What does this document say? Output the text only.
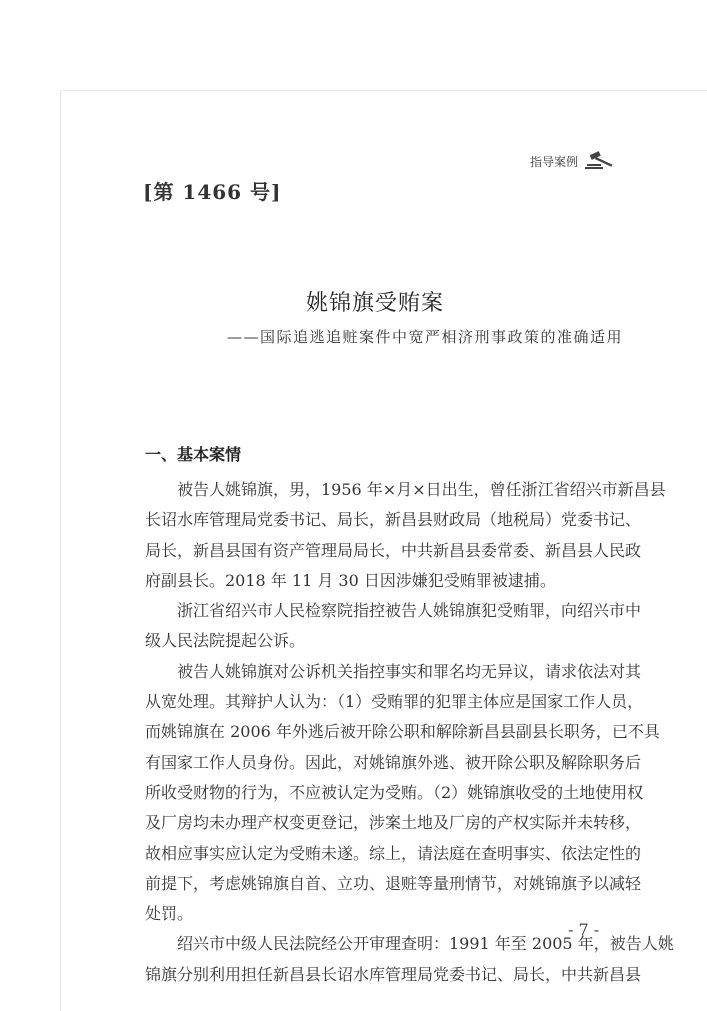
指导案例
[第 1466 号]
姚锦旗受贿案
——国际追逃追赃案件中宽严相济刑事政策的准确适用
一、基本案情
被告人姚锦旗，男，1956 年×月×日出生，曾任浙江省绍兴市新昌县
长诏水库管理局党委书记、局长，新昌县财政局（地税局）党委书记、
局长，新昌县国有资产管理局局长，中共新昌县委常委、新昌县人民政
府副县长。2018 年 11 月 30 日因涉嫌犯受贿罪被逮捕。
浙江省绍兴市人民检察院指控被告人姚锦旗犯受贿罪，向绍兴市中
级人民法院提起公诉。
被告人姚锦旗对公诉机关指控事实和罪名均无异议，请求依法对其
从宽处理。其辩护人认为：（1）受贿罪的犯罪主体应是国家工作人员，
而姚锦旗在 2006 年外逃后被开除公职和解除新昌县副县长职务，已不具
有国家工作人员身份。因此，对姚锦旗外逃、被开除公职及解除职务后
所收受财物的行为，不应被认定为受贿。（2）姚锦旗收受的土地使用权
及厂房均未办理产权变更登记，涉案土地及厂房的产权实际并未转移，
故相应事实应认定为受贿未遂。综上，请法庭在查明事实、依法定性的
前提下，考虑姚锦旗自首、立功、退赃等量刑情节，对姚锦旗予以减轻
处罚。
绍兴市中级人民法院经公开审理查明：1991 年至 2005 年，被告人姚
锦旗分别利用担任新昌县长诏水库管理局党委书记、局长，中共新昌县
- 7 -
